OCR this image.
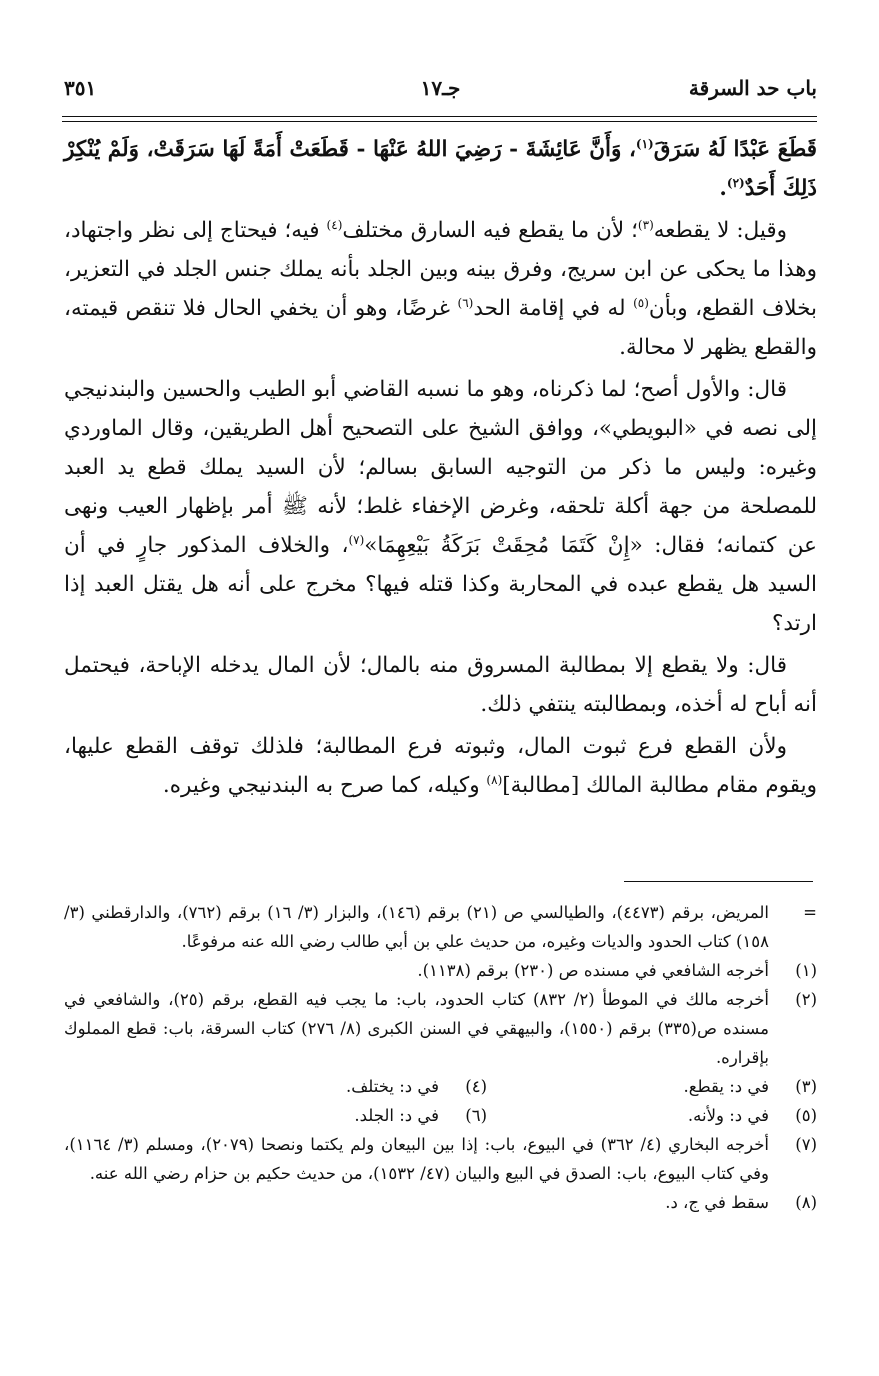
باب حد السرقة
جـ١٧
٣٥١

قَطَعَ عَبْدًا لَهُ سَرَقَ$^{(١)}$، وَأَنَّ عَائِشَةَ - رَضِيَ اللهُ عَنْهَا - قَطَعَتْ أَمَةً لَهَا سَرَقَتْ، وَلَمْ يُنْكِرْ ذَلِكَ أَحَدٌ$^{(٢)}$.

وقيل: لا يقطعه$^{(٣)}$؛ لأن ما يقطع فيه السارق مختلف$^{(٤)}$ فيه؛ فيحتاج إلى نظر واجتهاد، وهذا ما يحكى عن ابن سريج، وفرق بينه وبين الجلد بأنه يملك جنس الجلد في التعزير، بخلاف القطع، وبأن$^{(٥)}$ له في إقامة الحد$^{(٦)}$ غرضًا، وهو أن يخفي الحال فلا تنقص قيمته، والقطع يظهر لا محالة.

قال: والأول أصح؛ لما ذكرناه، وهو ما نسبه القاضي أبو الطيب والحسين والبندنيجي إلى نصه في «البويطي»، ووافق الشيخ على التصحيح أهل الطريقين، وقال الماوردي وغيره: وليس ما ذكر من التوجيه السابق بسالم؛ لأن السيد يملك قطع يد العبد للمصلحة من جهة أكلة تلحقه، وغرض الإخفاء غلط؛ لأنه ﷺ أمر بإظهار العيب ونهى عن كتمانه؛ فقال: «إِنْ كَتَمَا مُحِقَتْ بَرَكَةُ بَيْعِهِمَا»$^{(٧)}$، والخلاف المذكور جارٍ في أن السيد هل يقطع عبده في المحاربة وكذا قتله فيها؟ مخرج على أنه هل يقتل العبد إذا ارتد؟

قال: ولا يقطع إلا بمطالبة المسروق منه بالمال؛ لأن المال يدخله الإباحة، فيحتمل أنه أباح له أخذه، وبمطالبته ينتفي ذلك.

ولأن القطع فرع ثبوت المال، وثبوته فرع المطالبة؛ فلذلك توقف القطع عليها، ويقوم مقام مطالبة المالك [مطالبة]$^{(٨)}$ وكيله، كما صرح به البندنيجي وغيره.

=
المريض، برقم (٤٤٧٣)، والطيالسي ص (٢١) برقم (١٤٦)، والبزار (٣/ ١٦) برقم (٧٦٢)، والدارقطني (٣/ ١٥٨) كتاب الحدود والديات وغيره، من حديث علي بن أبي طالب رضي الله عنه مرفوعًا.
(١)
أخرجه الشافعي في مسنده ص (٢٣٠) برقم (١١٣٨).
(٢)
أخرجه مالك في الموطأ (٢/ ٨٣٢) كتاب الحدود، باب: ما يجب فيه القطع، برقم (٢٥)، والشافعي في مسنده ص(٣٣٥) برقم (١٥٥٠)، والبيهقي في السنن الكبرى (٨/ ٢٧٦) كتاب السرقة، باب: قطع المملوك بإقراره.
(٣)
في د: يقطع.
(٤)
في د: يختلف.
(٥)
في د: ولأنه.
(٦)
في د: الجلد.
(٧)
أخرجه البخاري (٤/ ٣٦٢) في البيوع، باب: إذا بين البيعان ولم يكتما ونصحا (٢٠٧٩)، ومسلم (٣/ ١١٦٤)، وفي كتاب البيوع، باب: الصدق في البيع والبيان (٤٧/ ١٥٣٢)، من حديث حكيم بن حزام رضي الله عنه.
(٨)
سقط في ج، د.
